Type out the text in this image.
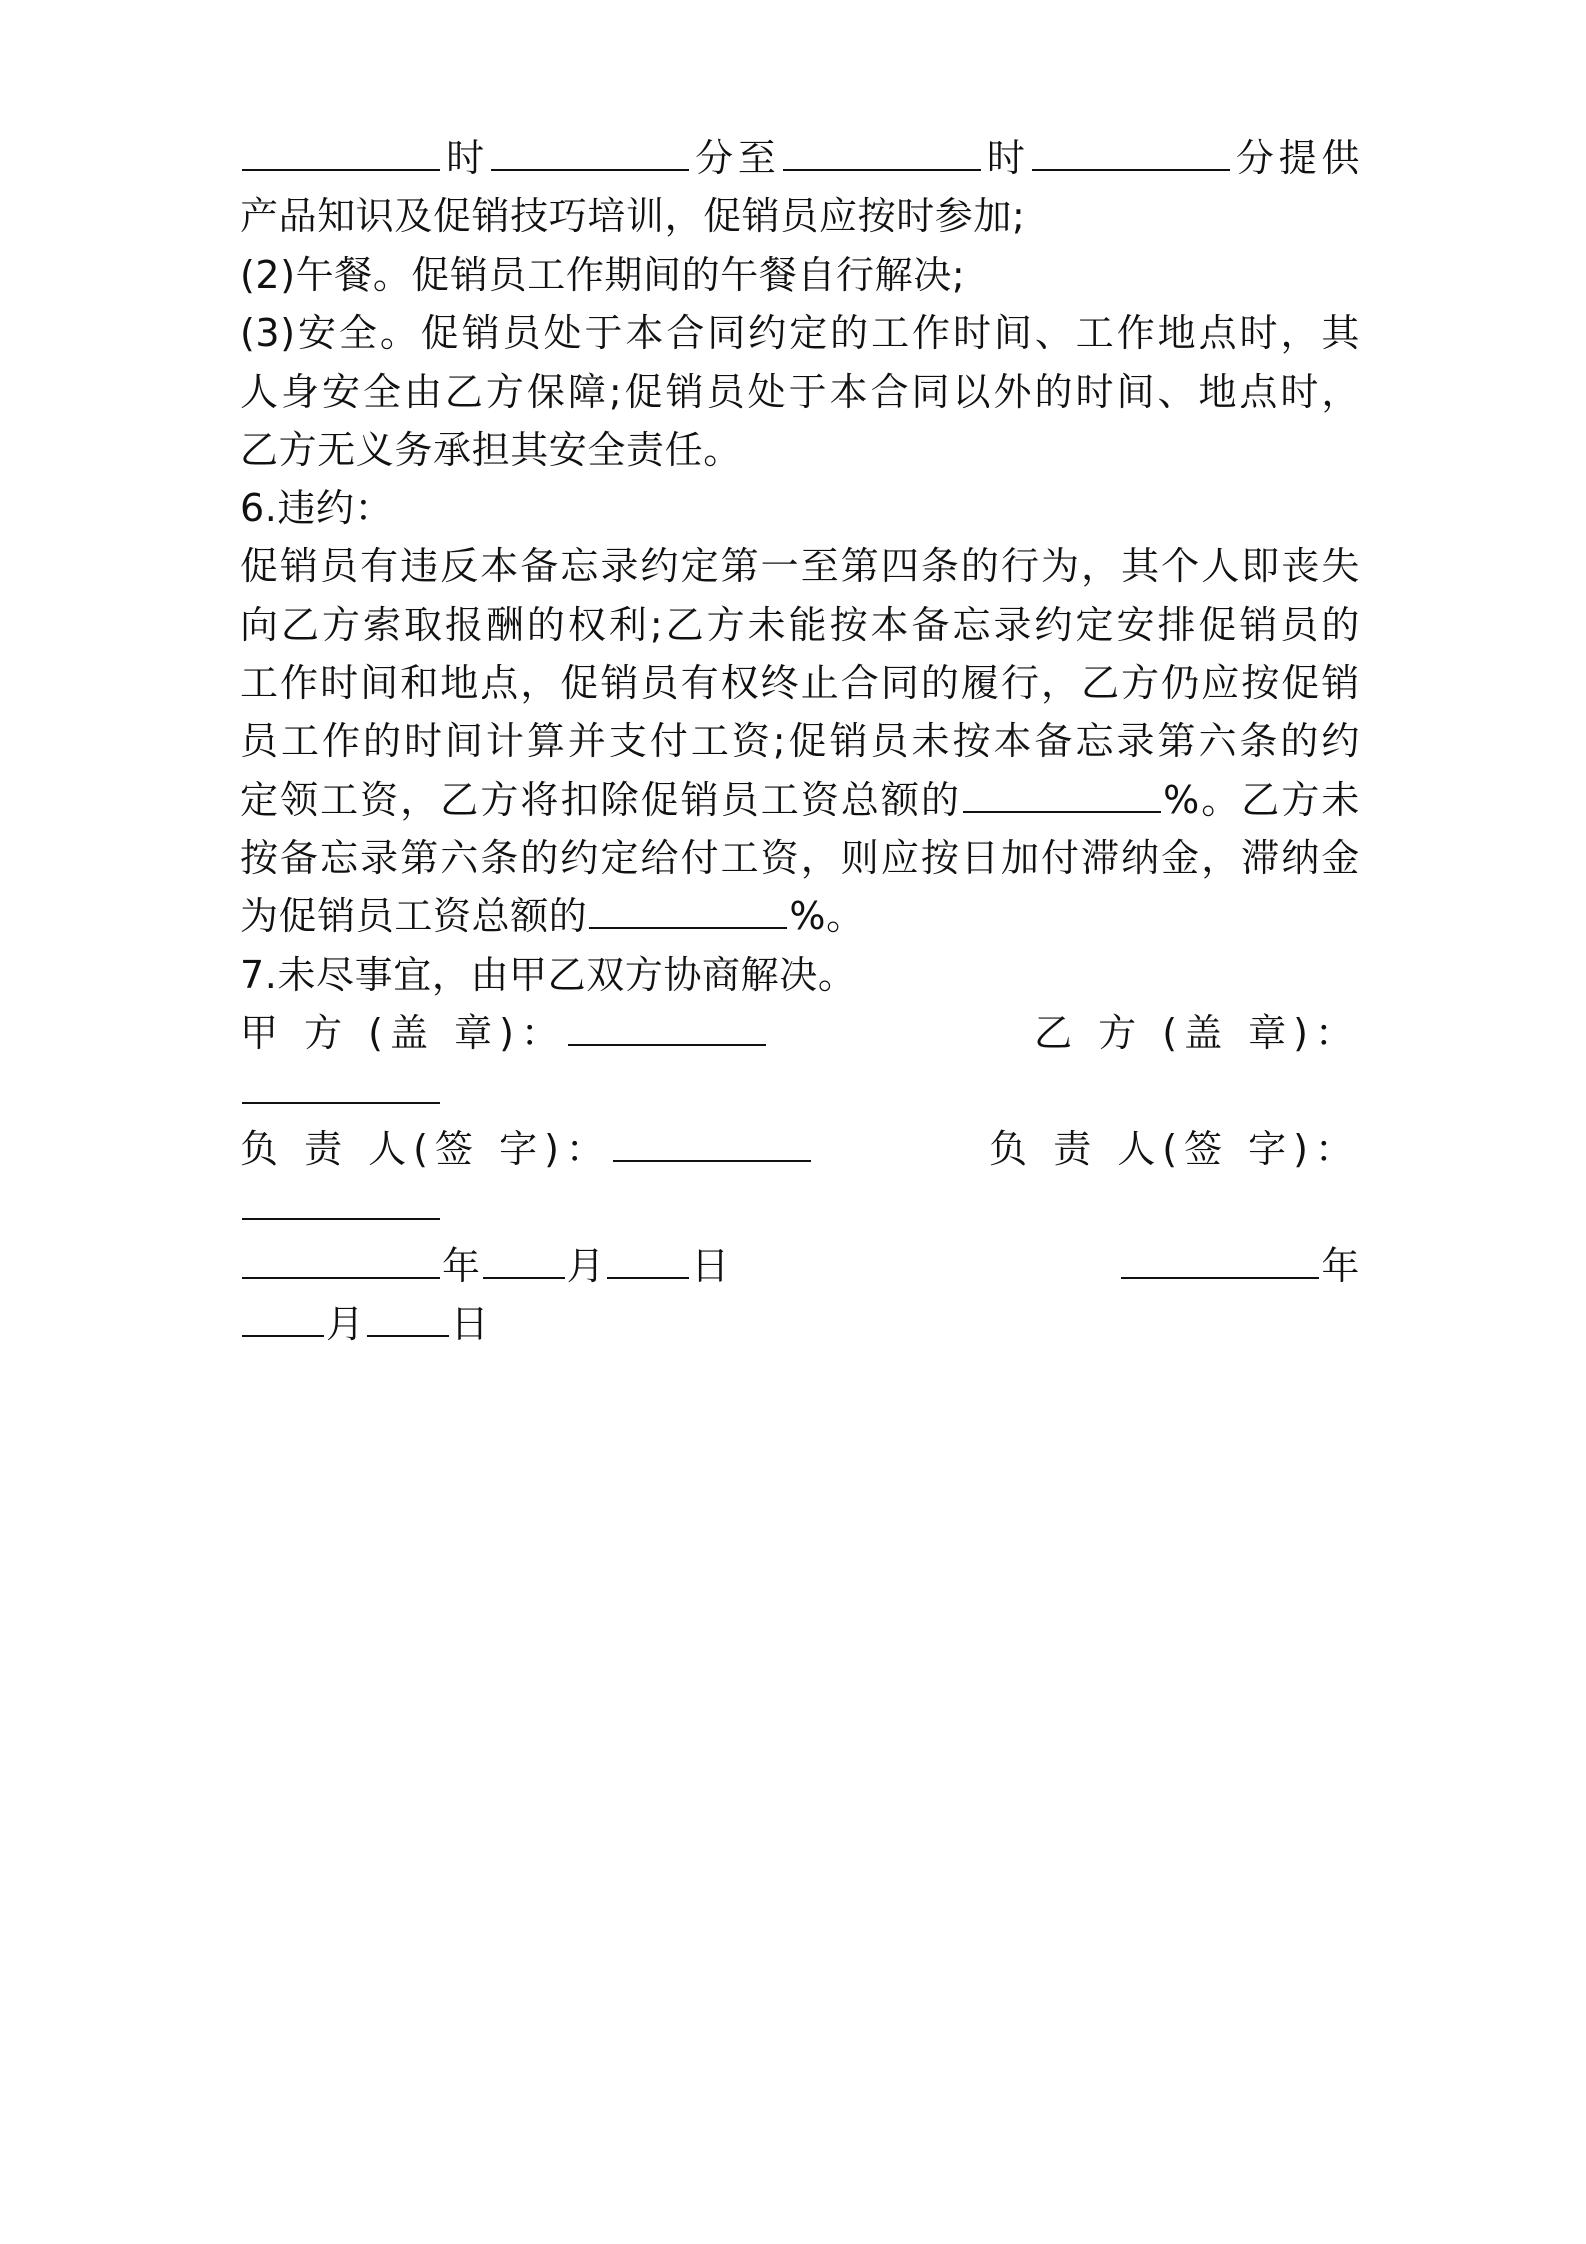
时	分至	时	分提供
产品知识及促销技巧培训，促销员应按时参加;
(2)午餐。促销员工作期间的午餐自行解决;
(3)安全。促销员处于本合同约定的工作时间、工作地点时，其
人身安全由乙方保障;促销员处于本合同以外的时间、地点时，
乙方无义务承担其安全责任。
6.违约：
促销员有违反本备忘录约定第一至第四条的行为，其个人即丧失
向乙方索取报酬的权利;乙方未能按本备忘录约定安排促销员的
工作时间和地点，促销员有权终止合同的履行，乙方仍应按促销
员工作的时间计算并支付工资;促销员未按本备忘录第六条的约
定领工资，乙方将扣除促销员工资总额的	%。乙方未
按备忘录第六条的约定给付工资，则应按日加付滞纳金，滞纳金
为促销员工资总额的	%。
7.未尽事宜，由甲乙双方协商解决。
甲 方 (盖 章)：	乙 方 (盖 章)：
负 责 人(签 字)：	负 责 人(签 字)：
年 月 日	年
月 日
